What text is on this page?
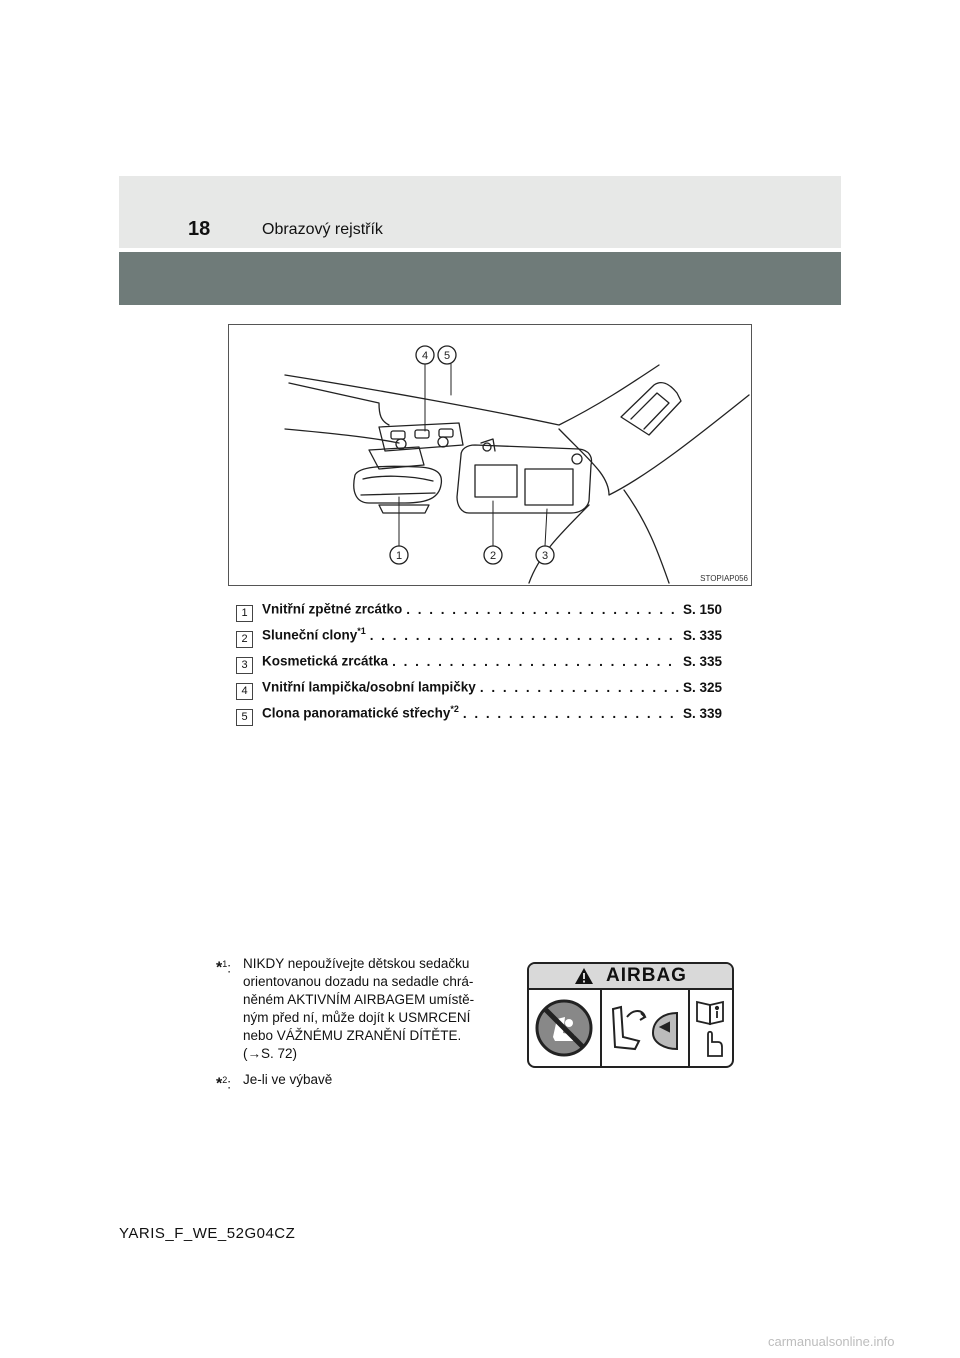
18	Obrazový rejstřík
4 5
1	2	3
STOPIAP056
1	Vnitřní zpětné zrcátko . . .	S. 150
2	Sluneční clony$^{*1}$ . . .	S. 335
3	Kosmetická zrcátka . . .	S. 335
4	Vnitřní lampička/osobní lampičky . . .	S. 325
5	Clona panoramatické střechy$^{*2}$ . . .	S. 339
*$^1$: NIKDY nepoužívejte dětskou sedačku
orientovanou dozadu na sedadle chrá-
něném AKTIVNÍM AIRBAGEM umístě-
ným před ní, může dojít k USMRCENÍ
nebo VÁŽNÉMU ZRANĚNÍ DÍTĚTE.
(→S. 72)
*$^2$: Je-li ve výbavě
AIRBAG
YARIS_F_WE_52G04CZ
carmanualsonline.info
